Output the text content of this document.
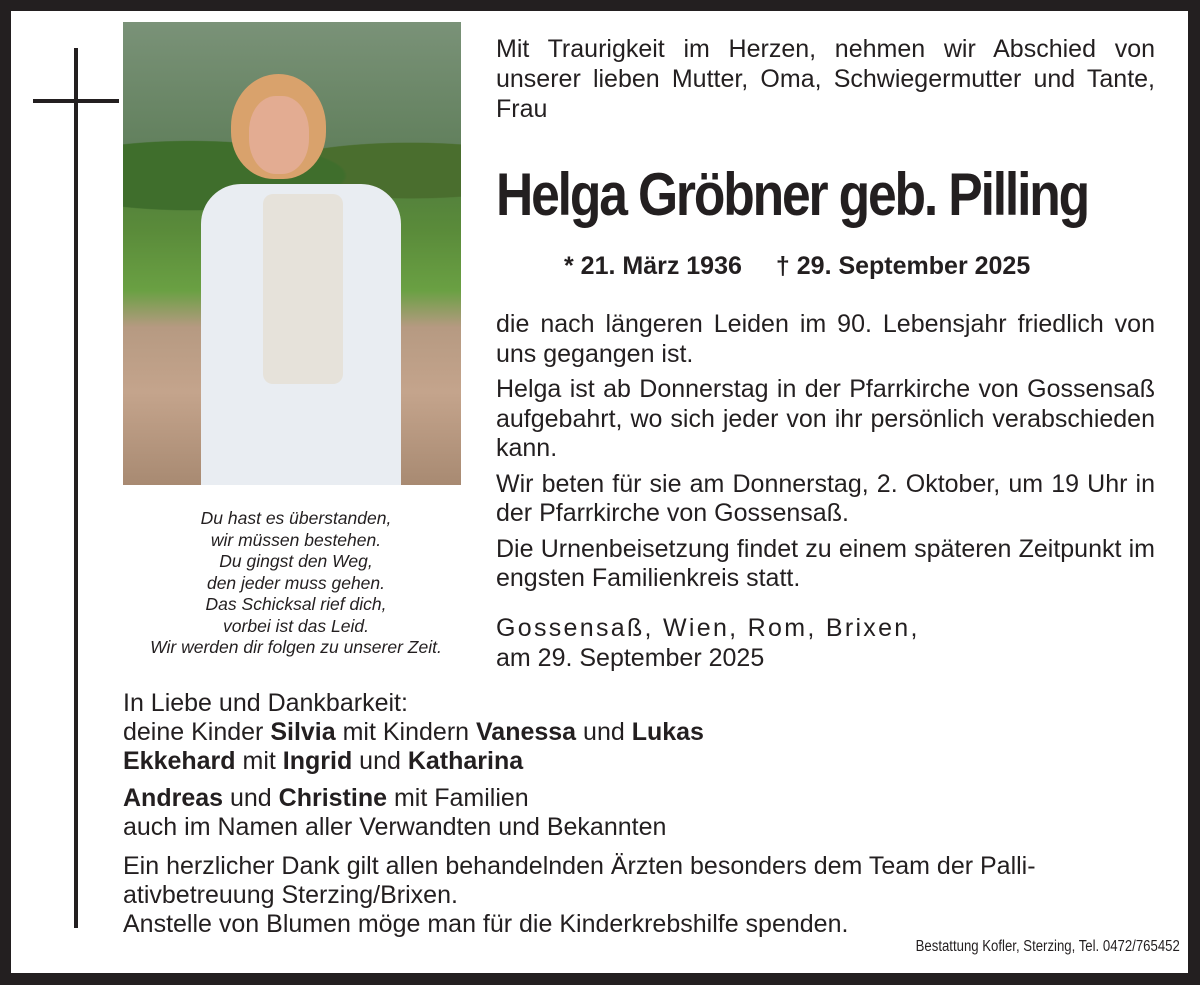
Du hast es überstanden,
wir müssen bestehen.
Du gingst den Weg,
den jeder muss gehen.
Das Schicksal rief dich,
vorbei ist das Leid.
Wir werden dir folgen zu unserer Zeit.

Mit Traurigkeit im Herzen, nehmen wir Abschied von unserer lieben Mutter, Oma, Schwiegermutter und Tante, Frau

Helga Gröbner geb. Pilling
* 21. März 1936 † 29. September 2025

die nach längeren Leiden im 90. Lebensjahr friedlich von uns gegangen ist.

Helga ist ab Donnerstag in der Pfarrkirche von Gossensaß aufgebahrt, wo sich jeder von ihr persönlich verabschieden kann.

Wir beten für sie am Donnerstag, 2. Oktober, um 19 Uhr in der Pfarrkirche von Gossensaß.

Die Urnenbeisetzung findet zu einem späteren Zeitpunkt im engsten Familienkreis statt.

Gossensaß, Wien, Rom, Brixen,
am 29. September 2025

In Liebe und Dankbarkeit:

deine Kinder Silvia mit Kindern Vanessa und Lukas

Ekkehard mit Ingrid und Katharina

Andreas und Christine mit Familien

auch im Namen aller Verwandten und Bekannten

Ein herzlicher Dank gilt allen behandelnden Ärzten besonders dem Team der Palli-

ativbetreuung Sterzing/Brixen.

Anstelle von Blumen möge man für die Kinderkrebshilfe spenden.

Bestattung Kofler, Sterzing, Tel. 0472/765452
